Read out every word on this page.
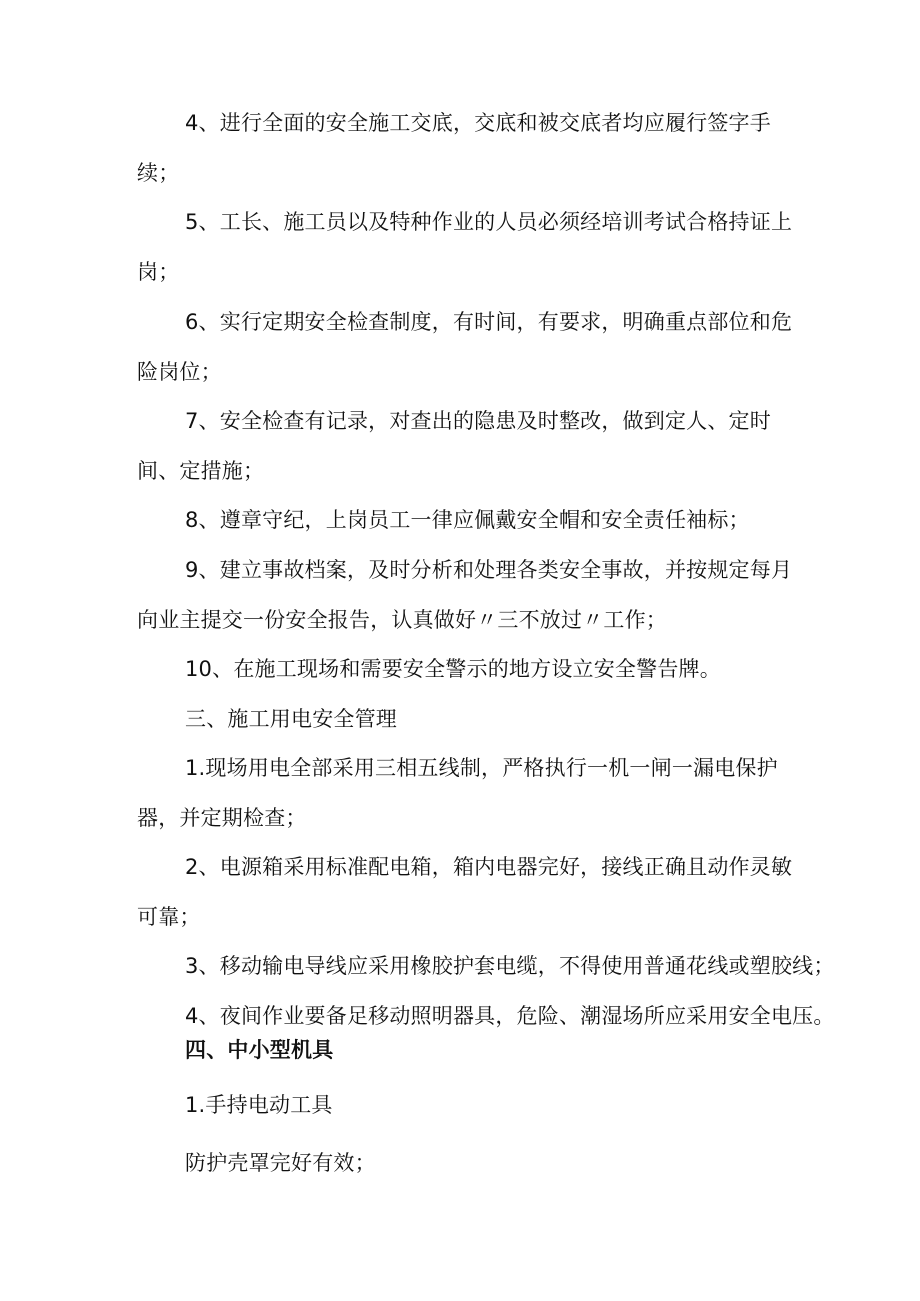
4、进行全面的安全施工交底，交底和被交底者均应履行签字手续；

5、工长、施工员以及特种作业的人员必须经培训考试合格持证上岗；

6、实行定期安全检查制度，有时间，有要求，明确重点部位和危险岗位；

7、安全检查有记录，对查出的隐患及时整改，做到定人、定时间、定措施；

8、遵章守纪，上岗员工一律应佩戴安全帽和安全责任袖标；

9、建立事故档案，及时分析和处理各类安全事故，并按规定每月向业主提交一份安全报告，认真做好〃三不放过〃工作；

10、在施工现场和需要安全警示的地方设立安全警告牌。

三、施工用电安全管理

1.现场用电全部采用三相五线制，严格执行一机一闸一漏电保护器，并定期检查；

2、电源箱采用标准配电箱，箱内电器完好，接线正确且动作灵敏可靠；

3、移动输电导线应采用橡胶护套电缆，不得使用普通花线或塑胶线；

4、夜间作业要备足移动照明器具，危险、潮湿场所应采用安全电压。

四、中小型机具

1.手持电动工具

防护壳罩完好有效；
